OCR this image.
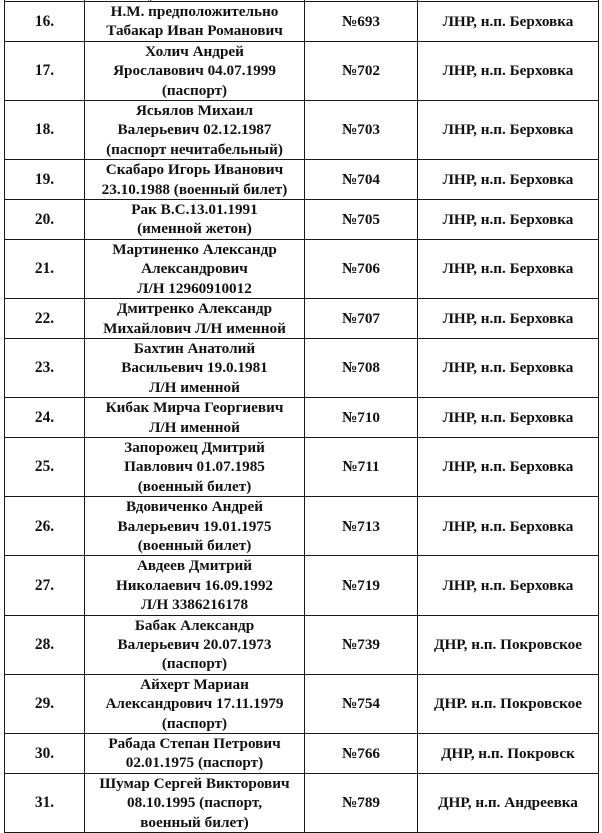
16.	Н.М. предположительно
Табакар Иван Романович	№693	ЛНР, н.п. Берховка
17.	Холич Андрей
Ярославович 04.07.1999
(паспорт)	№702	ЛНР, н.п. Берховка
18.	Ясьялов Михаил
Валерьевич 02.12.1987
(паспорт нечитабельный)	№703	ЛНР, н.п. Берховка
19.	Скабаро Игорь Иванович
23.10.1988 (военный билет)	№704	ЛНР, н.п. Берховка
20.	Рак В.С.13.01.1991
(именной жетон)	№705	ЛНР, н.п. Берховка
21.	Мартиненко Александр
Александрович
Л/Н 12960910012	№706	ЛНР, н.п. Берховка
22.	Дмитренко Александр
Михайлович Л/Н именной	№707	ЛНР, н.п. Берховка
23.	Бахтин Анатолий
Васильевич 19.0.1981
Л/Н именной	№708	ЛНР, н.п. Берховка
24.	Кибак Мирча Георгиевич
Л/Н именной	№710	ЛНР, н.п. Берховка
25.	Запорожец Дмитрий
Павлович 01.07.1985
(военный билет)	№711	ЛНР, н.п. Берховка
26.	Вдовиченко Андрей
Валерьевич 19.01.1975
(военный билет)	№713	ЛНР, н.п. Берховка
27.	Авдеев Дмитрий
Николаевич 16.09.1992
Л/Н 3386216178	№719	ЛНР, н.п. Берховка
28.	Бабак Александр
Валерьевич 20.07.1973
(паспорт)	№739	ДНР, н.п. Покровское
29.	Айхерт Мариан
Александрович 17.11.1979
(паспорт)	№754	ДНР. н.п. Покровское
30.	Рабада Степан Петрович
02.01.1975 (паспорт)	№766	ДНР, н.п. Покровск
31.	Шумар Сергей Викторович
08.10.1995 (паспорт,
военный билет)	№789	ДНР, н.п. Андреевка
